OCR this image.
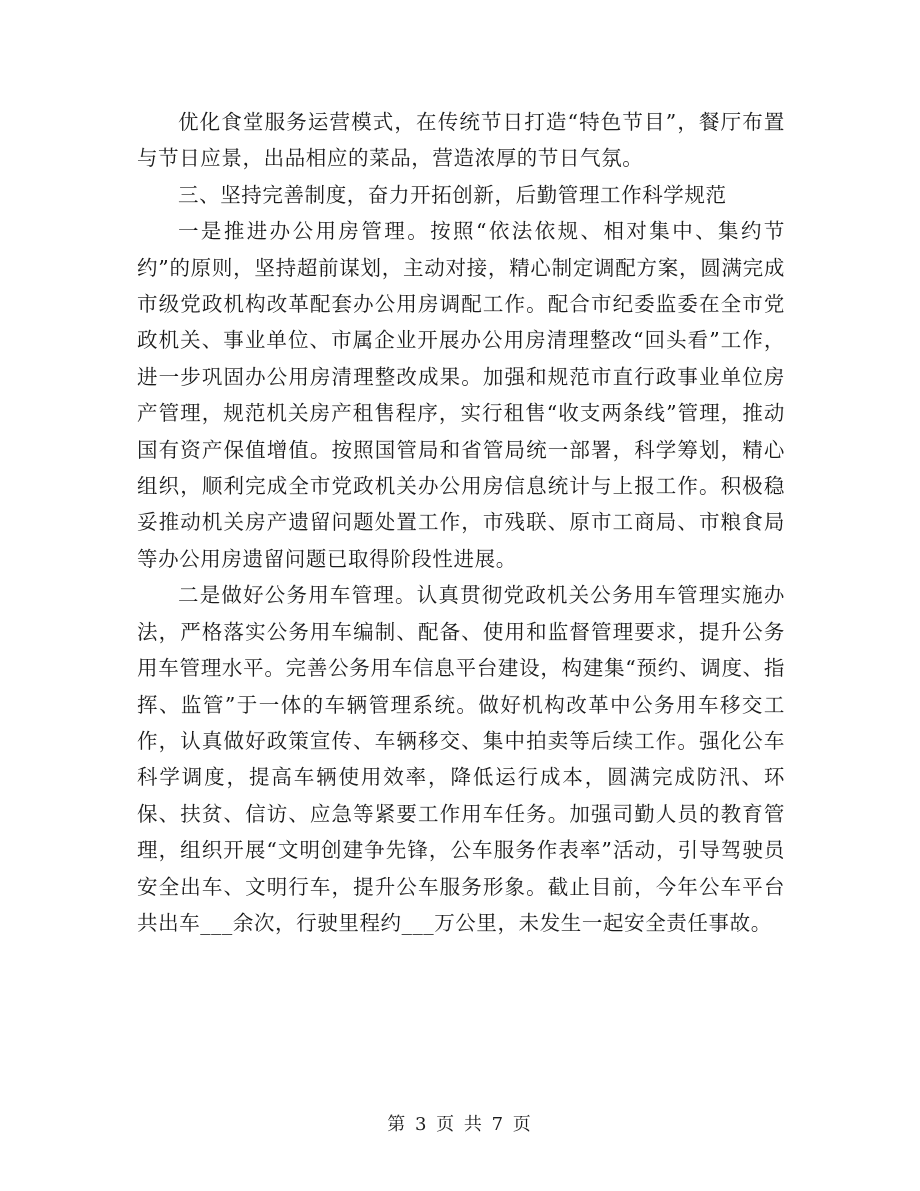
优化食堂服务运营模式，在传统节日打造“特色节目”，餐厅布置与节日应景，出品相应的菜品，营造浓厚的节日气氛。

三、坚持完善制度，奋力开拓创新，后勤管理工作科学规范

一是推进办公用房管理。按照“依法依规、相对集中、集约节约”的原则，坚持超前谋划，主动对接，精心制定调配方案，圆满完成市级党政机构改革配套办公用房调配工作。配合市纪委监委在全市党政机关、事业单位、市属企业开展办公用房清理整改“回头看”工作，进一步巩固办公用房清理整改成果。加强和规范市直行政事业单位房产管理，规范机关房产租售程序，实行租售“收支两条线”管理，推动国有资产保值增值。按照国管局和省管局统一部署，科学筹划，精心组织，顺利完成全市党政机关办公用房信息统计与上报工作。积极稳妥推动机关房产遗留问题处置工作，市残联、原市工商局、市粮食局等办公用房遗留问题已取得阶段性进展。

二是做好公务用车管理。认真贯彻党政机关公务用车管理实施办法，严格落实公务用车编制、配备、使用和监督管理要求，提升公务用车管理水平。完善公务用车信息平台建设，构建集“预约、调度、指挥、监管”于一体的车辆管理系统。做好机构改革中公务用车移交工作，认真做好政策宣传、车辆移交、集中拍卖等后续工作。强化公车科学调度，提高车辆使用效率，降低运行成本，圆满完成防汛、环保、扶贫、信访、应急等紧要工作用车任务。加强司勤人员的教育管理，组织开展“文明创建争先锋，公车服务作表率”活动，引导驾驶员安全出车、文明行车，提升公车服务形象。截止目前，今年公车平台共出车___余次，行驶里程约___万公里，未发生一起安全责任事故。

第 3 页 共 7 页
